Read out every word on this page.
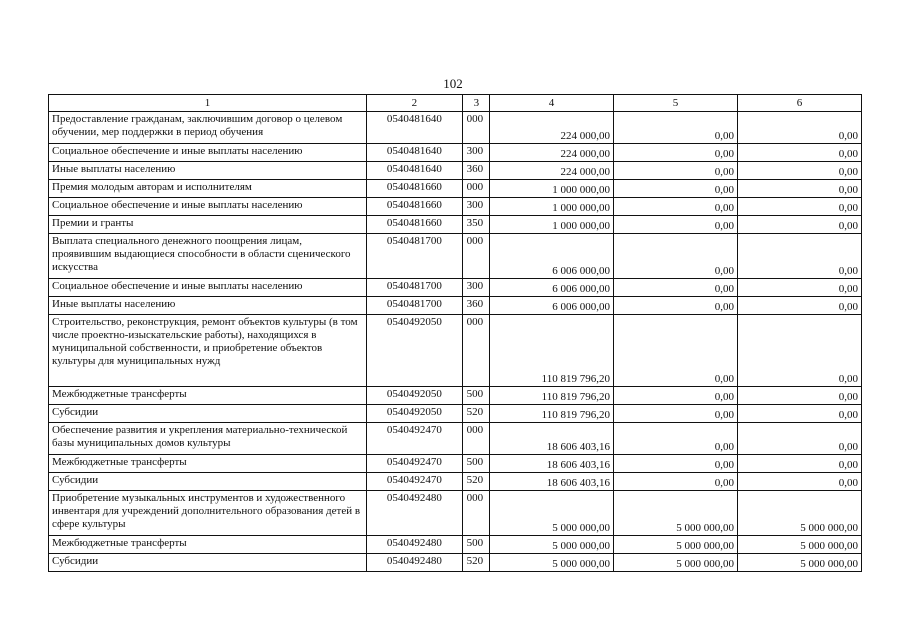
102
1	2	3	4	5	6
Предоставление гражданам, заключившим договор о целевом обучении, мер поддержки в период обучения	0540481640	000	224 000,00	0,00	0,00
Социальное обеспечение и иные выплаты населению	0540481640	300	224 000,00	0,00	0,00
Иные выплаты населению	0540481640	360	224 000,00	0,00	0,00
Премия молодым авторам и исполнителям	0540481660	000	1 000 000,00	0,00	0,00
Социальное обеспечение и иные выплаты населению	0540481660	300	1 000 000,00	0,00	0,00
Премии и гранты	0540481660	350	1 000 000,00	0,00	0,00
Выплата специального денежного поощрения лицам, проявившим выдающиеся способности в области сценического искусства	0540481700	000	6 006 000,00	0,00	0,00
Социальное обеспечение и иные выплаты населению	0540481700	300	6 006 000,00	0,00	0,00
Иные выплаты населению	0540481700	360	6 006 000,00	0,00	0,00
Строительство, реконструкция, ремонт объектов культуры (в том числе проектно-изыскательские работы), находящихся в муниципальной собственности, и приобретение объектов культуры для муниципальных нужд	0540492050	000	110 819 796,20	0,00	0,00
Межбюджетные трансферты	0540492050	500	110 819 796,20	0,00	0,00
Субсидии	0540492050	520	110 819 796,20	0,00	0,00
Обеспечение развития и укрепления материально-технической базы муниципальных домов культуры	0540492470	000	18 606 403,16	0,00	0,00
Межбюджетные трансферты	0540492470	500	18 606 403,16	0,00	0,00
Субсидии	0540492470	520	18 606 403,16	0,00	0,00
Приобретение музыкальных инструментов и художественного инвентаря для учреждений дополнительного образования детей в сфере культуры	0540492480	000	5 000 000,00	5 000 000,00	5 000 000,00
Межбюджетные трансферты	0540492480	500	5 000 000,00	5 000 000,00	5 000 000,00
Субсидии	0540492480	520	5 000 000,00	5 000 000,00	5 000 000,00
